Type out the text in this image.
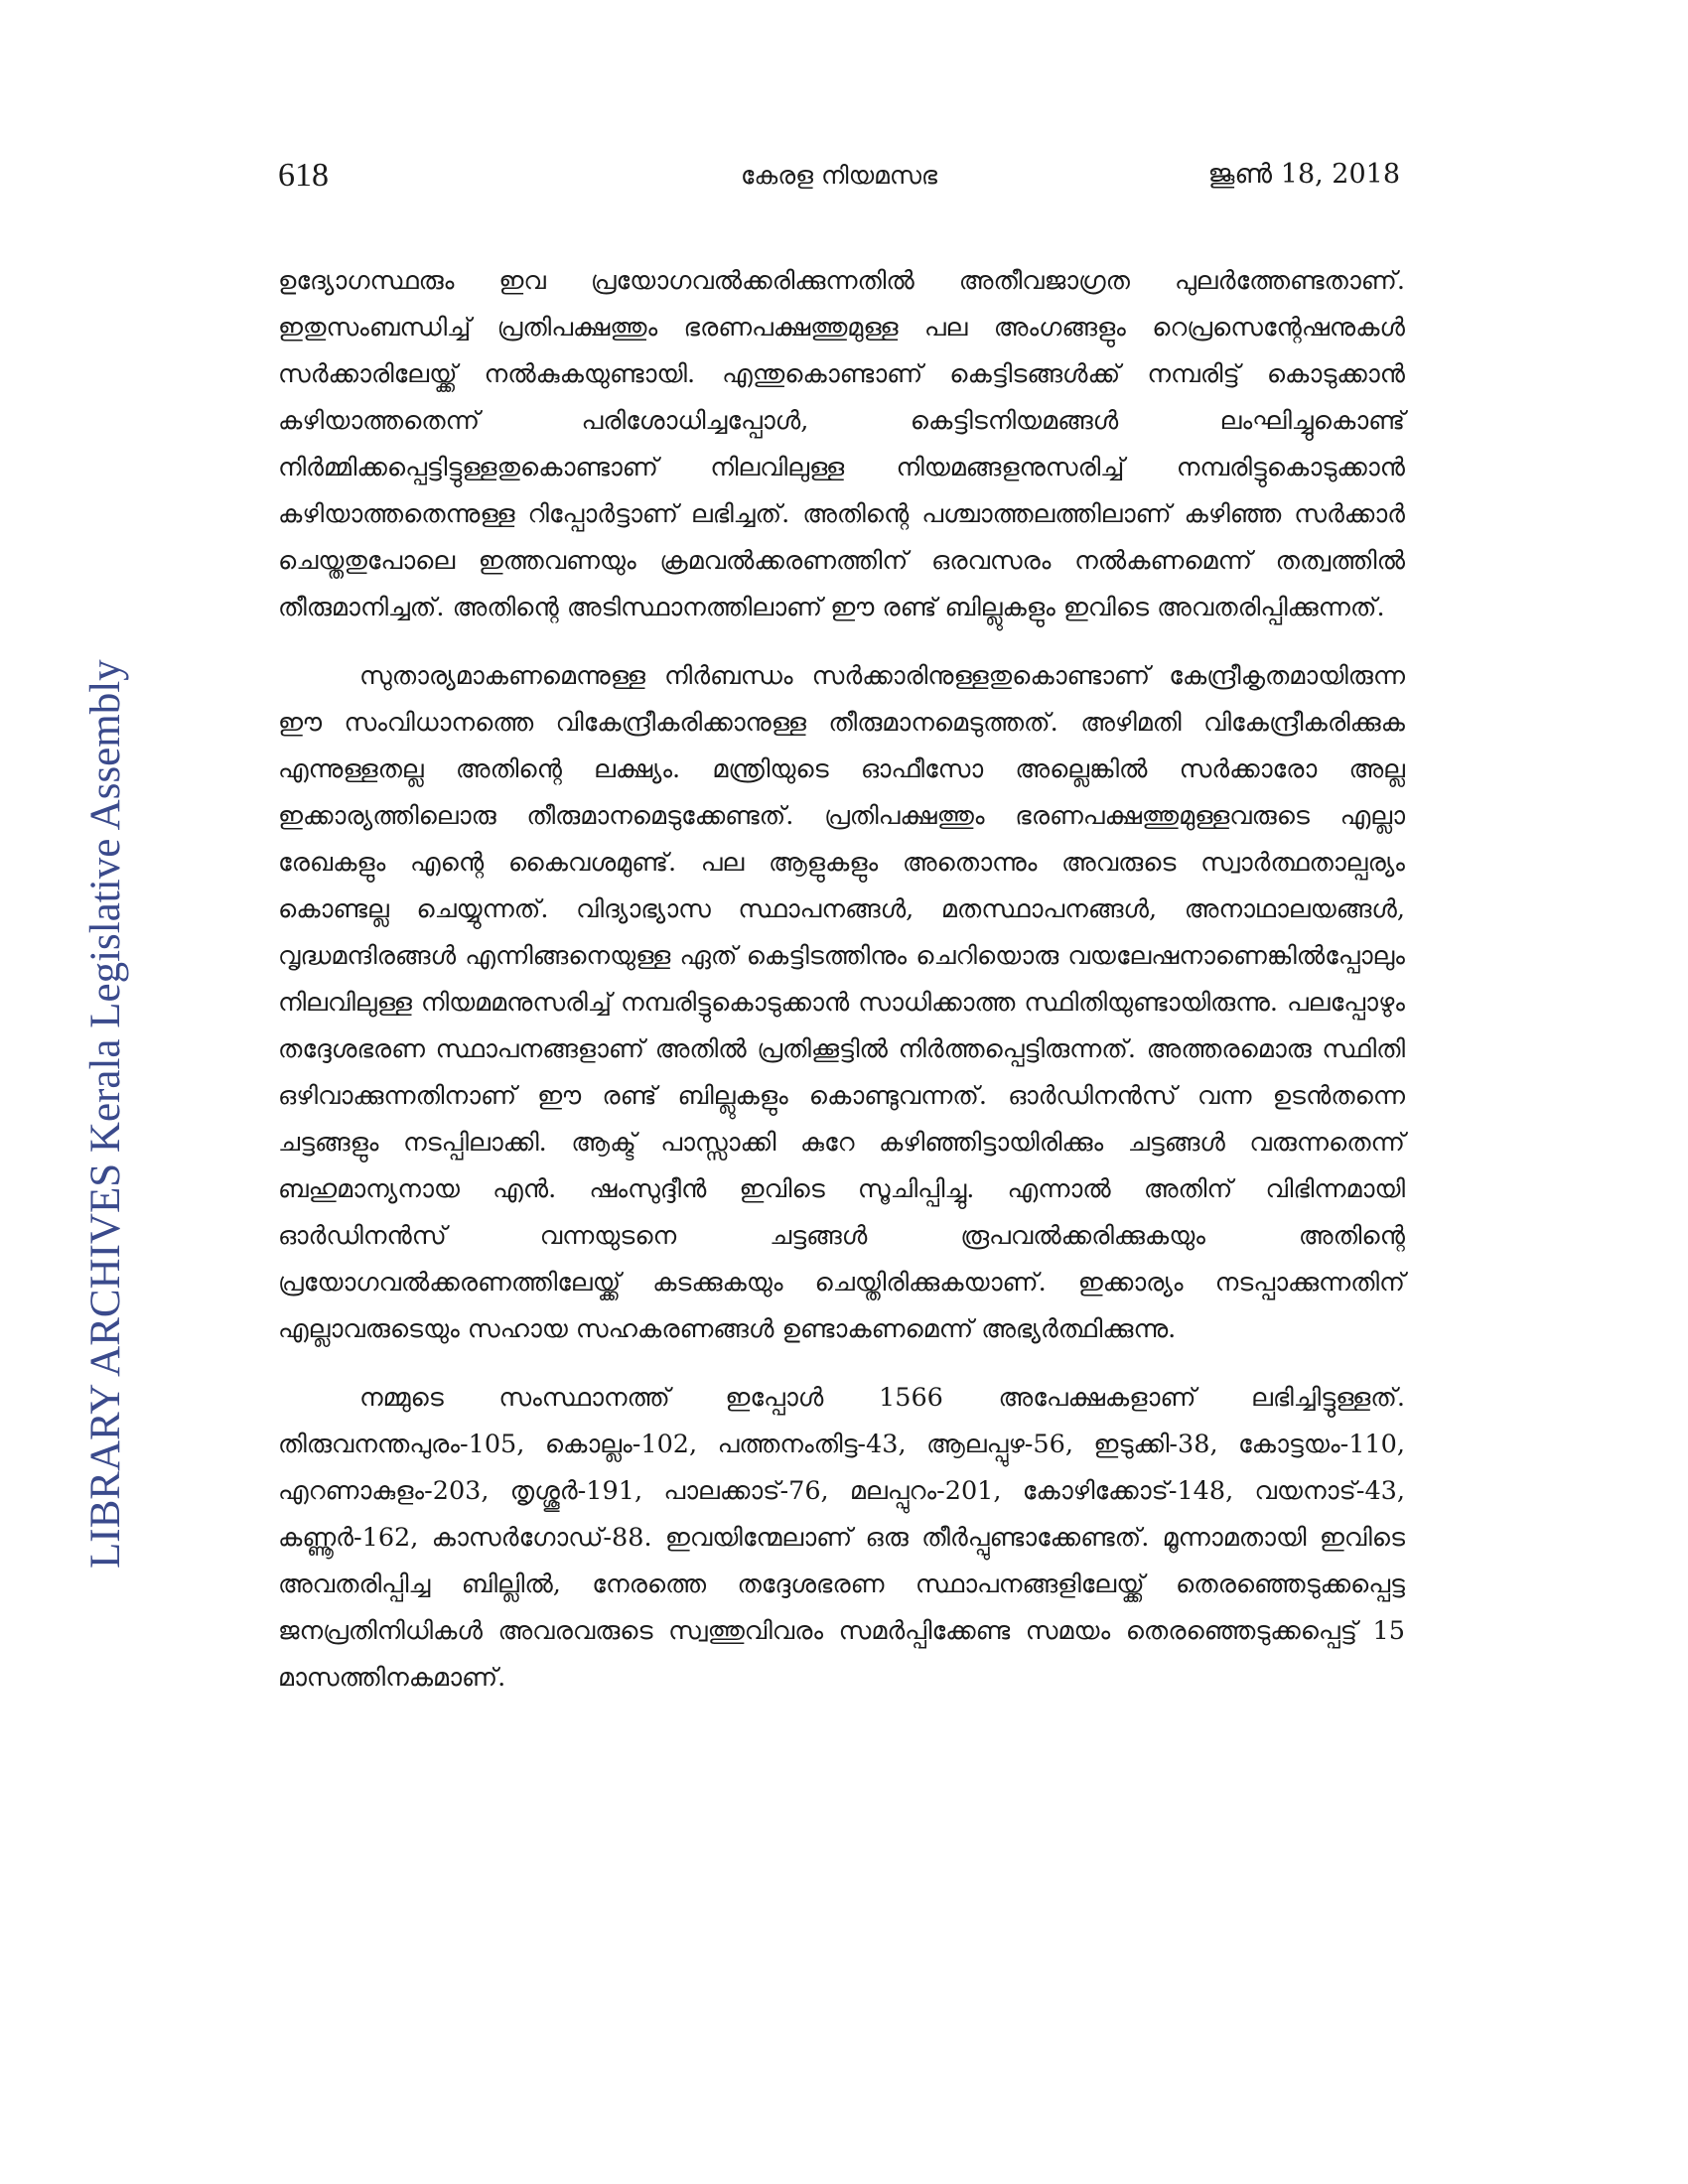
618	കേരള നിയമസഭ	ജൂൺ 18, 2018
LIBRARY ARCHIVES Kerala Legislative Assembly

ഉദ്യോഗസ്ഥരും ഇവ പ്രയോഗവൽക്കരിക്കുന്നതിൽ അതീവജാഗ്രത പുലർത്തേണ്ടതാണ്. ഇതുസംബന്ധിച്ച് പ്രതിപക്ഷത്തും ഭരണപക്ഷത്തുമുള്ള പല അംഗങ്ങളും റെപ്രസെന്റേഷനുകൾ സർക്കാരിലേയ്ക്ക് നൽകുകയുണ്ടായി. എന്തുകൊണ്ടാണ് കെട്ടിടങ്ങൾക്ക് നമ്പരിട്ട് കൊടുക്കാൻ കഴിയാത്തതെന്ന് പരിശോധിച്ചപ്പോൾ, കെട്ടിടനിയമങ്ങൾ ലംഘിച്ചുകൊണ്ട് നിർമ്മിക്കപ്പെട്ടിട്ടുള്ളതുകൊണ്ടാണ് നിലവിലുള്ള നിയമങ്ങളനുസരിച്ച് നമ്പരിട്ടുകൊടുക്കാൻ കഴിയാത്തതെന്നുള്ള റിപ്പോർട്ടാണ് ലഭിച്ചത്. അതിന്റെ പശ്ചാത്തലത്തിലാണ് കഴിഞ്ഞ സർക്കാർ ചെയ്തതുപോലെ ഇത്തവണയും ക്രമവൽക്കരണത്തിന് ഒരവസരം നൽകണമെന്ന് തത്വത്തിൽ തീരുമാനിച്ചത്. അതിന്റെ അടിസ്ഥാനത്തിലാണ് ഈ രണ്ട് ബില്ലുകളും ഇവിടെ അവതരിപ്പിക്കുന്നത്.

സുതാര്യമാകണമെന്നുള്ള നിർബന്ധം സർക്കാരിനുള്ളതുകൊണ്ടാണ് കേന്ദ്രീകൃതമായിരുന്ന ഈ സംവിധാനത്തെ വികേന്ദ്രീകരിക്കാനുള്ള തീരുമാനമെടുത്തത്. അഴിമതി വികേന്ദ്രീകരിക്കുക എന്നുള്ളതല്ല അതിന്റെ ലക്ഷ്യം. മന്ത്രിയുടെ ഓഫീസോ അല്ലെങ്കിൽ സർക്കാരോ അല്ല ഇക്കാര്യത്തിലൊരു തീരുമാനമെടുക്കേണ്ടത്. പ്രതിപക്ഷത്തും ഭരണപക്ഷത്തുമുള്ളവരുടെ എല്ലാ രേഖകളും എന്റെ കൈവശമുണ്ട്. പല ആളുകളും അതൊന്നും അവരുടെ സ്വാർത്ഥതാല്പര്യം കൊണ്ടല്ല ചെയ്യുന്നത്. വിദ്യാഭ്യാസ സ്ഥാപനങ്ങൾ, മതസ്ഥാപനങ്ങൾ, അനാഥാലയങ്ങൾ, വൃദ്ധമന്ദിരങ്ങൾ എന്നിങ്ങനെയുള്ള ഏത് കെട്ടിടത്തിനും ചെറിയൊരു വയലേഷനാണെങ്കിൽപ്പോലും നിലവിലുള്ള നിയമമനുസരിച്ച് നമ്പരിട്ടുകൊടുക്കാൻ സാധിക്കാത്ത സ്ഥിതിയുണ്ടായിരുന്നു. പലപ്പോഴും തദ്ദേശഭരണ സ്ഥാപനങ്ങളാണ് അതിൽ പ്രതിക്കൂട്ടിൽ നിർത്തപ്പെട്ടിരുന്നത്. അത്തരമൊരു സ്ഥിതി ഒഴിവാക്കുന്നതിനാണ് ഈ രണ്ട് ബില്ലുകളും കൊണ്ടുവന്നത്. ഓർഡിനൻസ് വന്ന ഉടൻതന്നെ ചട്ടങ്ങളും നടപ്പിലാക്കി. ആക്ട് പാസ്സാക്കി കുറേ കഴിഞ്ഞിട്ടായിരിക്കും ചട്ടങ്ങൾ വരുന്നതെന്ന് ബഹുമാന്യനായ എൻ. ഷംസുദ്ദീൻ ഇവിടെ സൂചിപ്പിച്ചു. എന്നാൽ അതിന് വിഭിന്നമായി ഓർഡിനൻസ് വന്നയുടനെ ചട്ടങ്ങൾ രൂപവൽക്കരിക്കുകയും അതിന്റെ പ്രയോഗവൽക്കരണത്തിലേയ്ക്ക് കടക്കുകയും ചെയ്തിരിക്കുകയാണ്. ഇക്കാര്യം നടപ്പാക്കുന്നതിന് എല്ലാവരുടെയും സഹായ സഹകരണങ്ങൾ ഉണ്ടാകണമെന്ന് അഭ്യർത്ഥിക്കുന്നു.

നമ്മുടെ സംസ്ഥാനത്ത് ഇപ്പോൾ 1566 അപേക്ഷകളാണ് ലഭിച്ചിട്ടുള്ളത്. തിരുവനന്തപുരം-105, കൊല്ലം-102, പത്തനംതിട്ട-43, ആലപ്പുഴ-56, ഇടുക്കി-38, കോട്ടയം-110, എറണാകുളം-203, തൃശ്ശൂർ-191, പാലക്കാട്-76, മലപ്പുറം-201, കോഴിക്കോട്-148, വയനാട്-43, കണ്ണൂർ-162, കാസർഗോഡ്-88. ഇവയിന്മേലാണ് ഒരു തീർപ്പുണ്ടാക്കേണ്ടത്. മൂന്നാമതായി ഇവിടെ അവതരിപ്പിച്ച ബില്ലിൽ, നേരത്തെ തദ്ദേശഭരണ സ്ഥാപനങ്ങളിലേയ്ക്ക് തെരഞ്ഞെടുക്കപ്പെട്ട ജനപ്രതിനിധികൾ അവരവരുടെ സ്വത്തുവിവരം സമർപ്പിക്കേണ്ട സമയം തെരഞ്ഞെടുക്കപ്പെട്ട് 15 മാസത്തിനകമാണ്.
